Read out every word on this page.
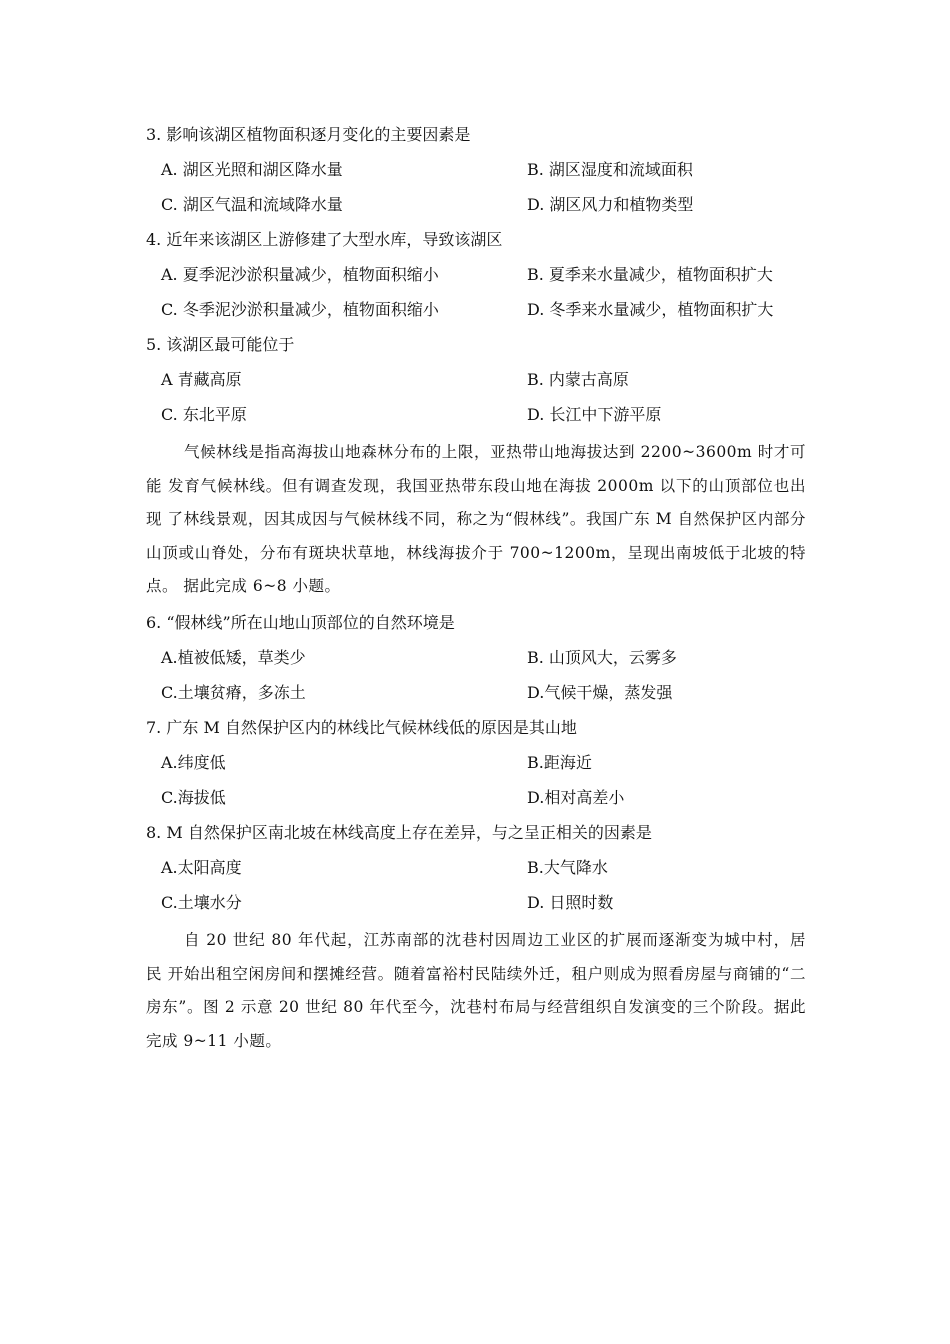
3. 影响该湖区植物面积逐月变化的主要因素是
A. 湖区光照和湖区降水量	B. 湖区湿度和流域面积
C. 湖区气温和流域降水量	D. 湖区风力和植物类型
4. 近年来该湖区上游修建了大型水库，导致该湖区
A. 夏季泥沙淤积量减少，植物面积缩小	B. 夏季来水量减少，植物面积扩大
C. 冬季泥沙淤积量减少，植物面积缩小	D. 冬季来水量减少，植物面积扩大
5. 该湖区最可能位于
A 青藏高原	B. 内蒙古高原
C. 东北平原	D. 长江中下游平原
气候林线是指高海拔山地森林分布的上限，亚热带山地海拔达到 2200~3600m 时才可能 发育气候林线。但有调查发现，我国亚热带东段山地在海拔 2000m 以下的山顶部位也出现 了林线景观，因其成因与气候林线不同，称之为“假林线”。我国广东 M 自然保护区内部分 山顶或山脊处，分布有斑块状草地，林线海拔介于 700~1200m，呈现出南坡低于北坡的特点。 据此完成 6~8 小题。
6. “假林线”所在山地山顶部位的自然环境是
A.植被低矮，草类少	B. 山顶风大，云雾多
C.土壤贫瘠，多冻土	D.气候干燥，蒸发强
7. 广东 M 自然保护区内的林线比气候林线低的原因是其山地
A.纬度低	B.距海近
C.海拔低	D.相对高差小
8. M 自然保护区南北坡在林线高度上存在差异，与之呈正相关的因素是
A.太阳高度	B.大气降水
C.土壤水分	D. 日照时数
自 20 世纪 80 年代起，江苏南部的沈巷村因周边工业区的扩展而逐渐变为城中村，居民 开始出租空闲房间和摆摊经营。随着富裕村民陆续外迁，租户则成为照看房屋与商铺的“二 房东”。图 2 示意 20 世纪 80 年代至今，沈巷村布局与经营组织自发演变的三个阶段。据此 完成 9~11 小题。
